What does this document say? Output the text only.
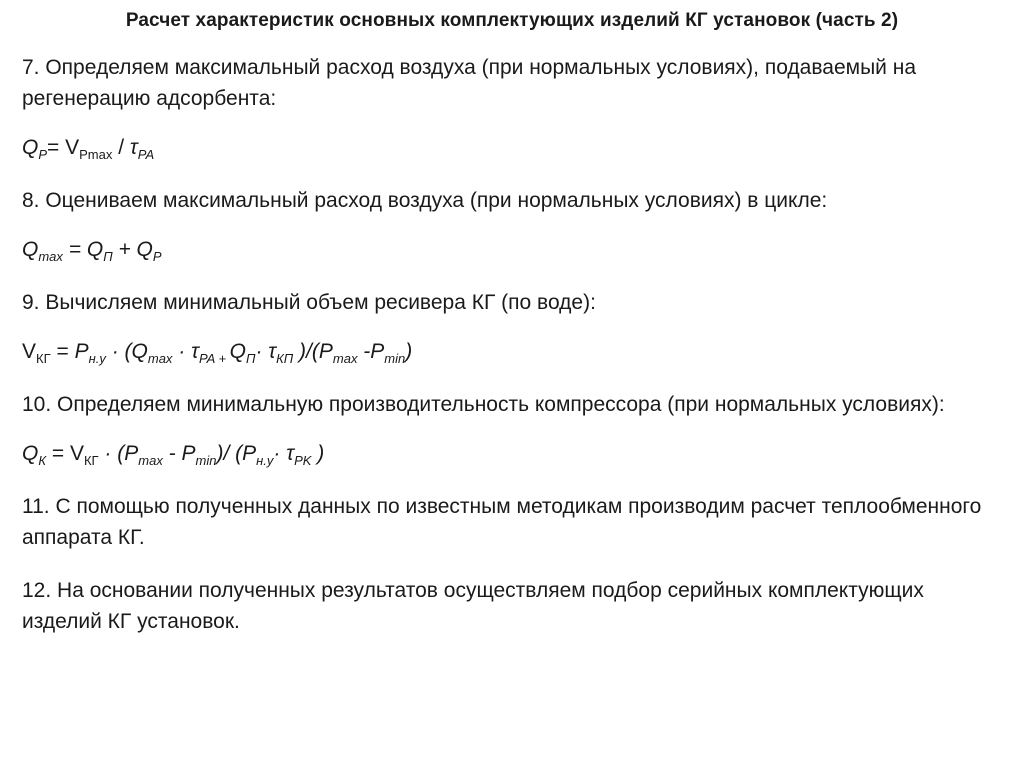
Расчет характеристик основных комплектующих изделий КГ установок (часть 2)

7. Определяем максимальный расход воздуха (при нормальных условиях), подаваемый на регенерацию адсорбента:

$Q_P= V_{Pmax} / \tau_{PA}$

8. Оцениваем максимальный расход воздуха (при нормальных условиях) в цикле:

$Q_{max} = Q_П + Q_P$

9. Вычисляем минимальный объем ресивера КГ (по воде):

$V_{КГ} = P_{н.у} \cdot (Q_{max} \cdot \tau_{PA +}$ $Q_П\cdot \tau_{КП}$ )$/(P_{max}$ $-P_{min}$)

10. Определяем минимальную производительность компрессора (при нормальных условиях):

$Q_К = V_{КГ} \cdot (P_{max} - P_{min})/$ ($P_{н.у}\cdot \tau_{PK}$ )

11. С помощью полученных данных по известным методикам производим расчет теплообменного аппарата КГ.

12. На основании полученных результатов осуществляем подбор серийных комплектующих изделий КГ установок.
